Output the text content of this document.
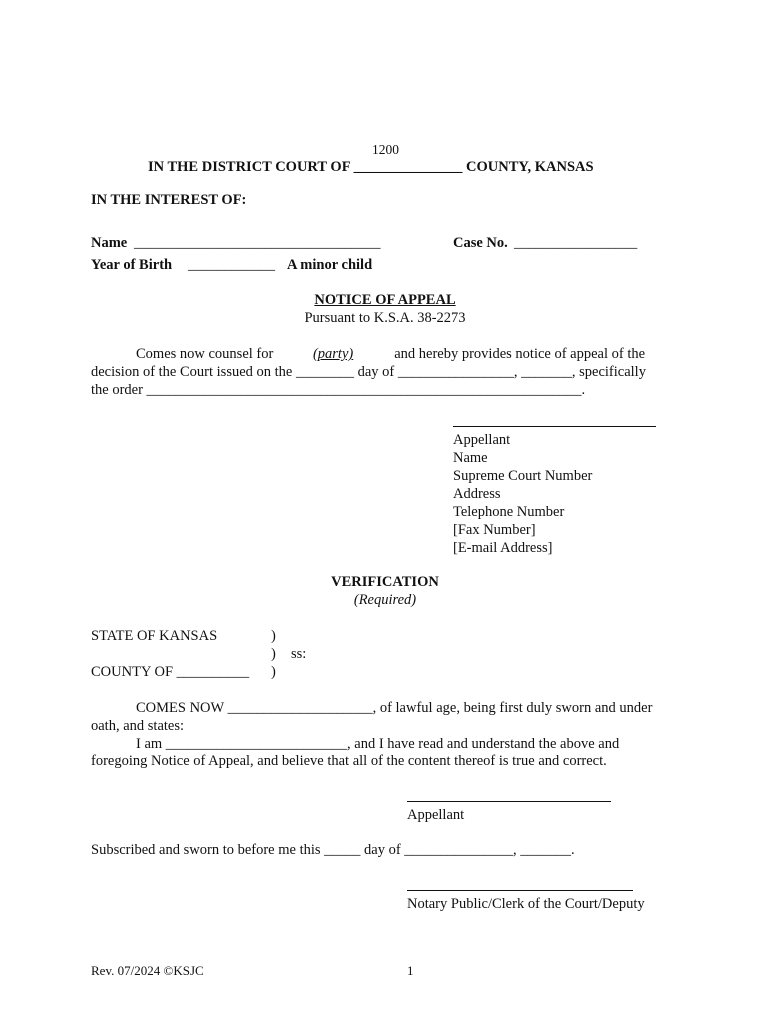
1200
IN THE DISTRICT COURT OF _______________ COUNTY, KANSAS
IN THE INTEREST OF:
Name __________________________________	Case No. _________________
Year of Birth ____________ A minor child
NOTICE OF APPEAL
Pursuant to K.S.A. 38-2273
Comes now counsel for (party)	and hereby provides notice of appeal of the
decision of the Court issued on the ________ day of ________________, _______, specifically
the order ____________________________________________________________.
Appellant
Name
Supreme Court Number
Address
Telephone Number
[Fax Number]
[E-mail Address]
VERIFICATION
(Required)
STATE OF KANSAS	)
) ss:
COUNTY OF __________ )
COMES NOW ____________________, of lawful age, being first duly sworn and under
oath, and states:
I am _________________________, and I have read and understand the above and
foregoing Notice of Appeal, and believe that all of the content thereof is true and correct.
Appellant
Subscribed and sworn to before me this _____ day of _______________, _______.
Notary Public/Clerk of the Court/Deputy
Rev. 07/2024 ©KSJC	1
